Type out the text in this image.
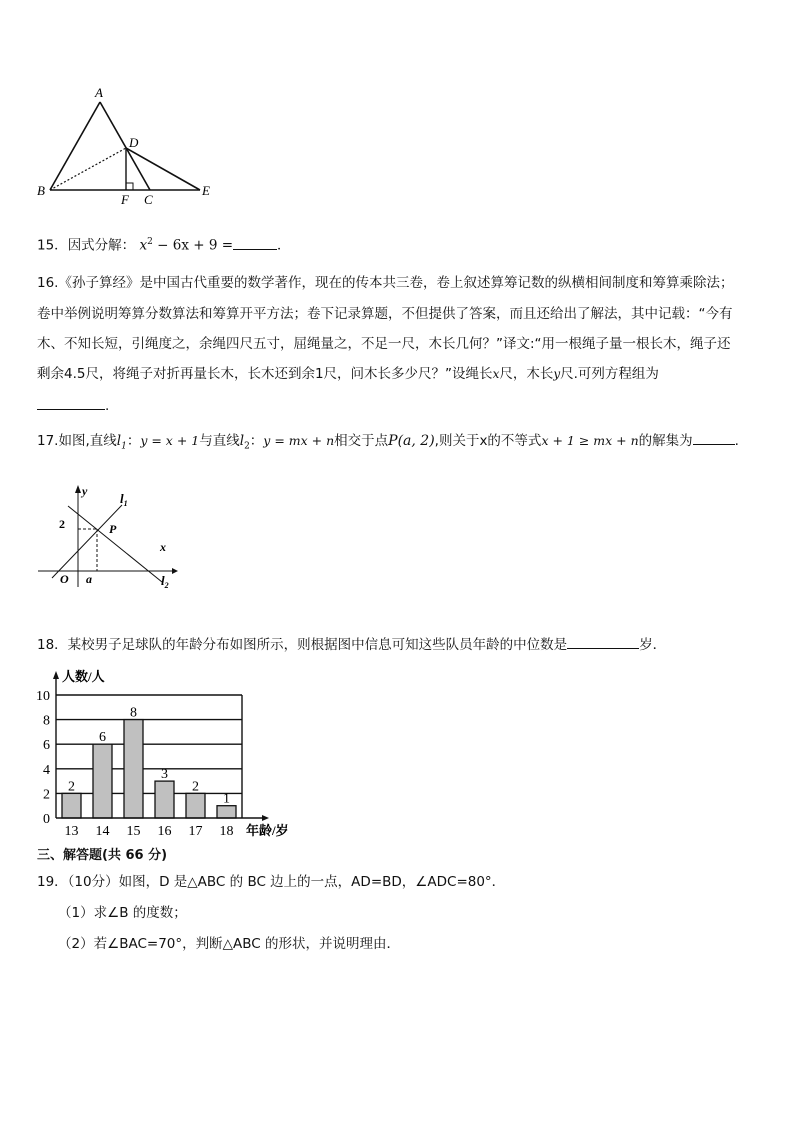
A
D
B
F C
E
15．因式分解： $x^2 - 6x + 9$ =	．
16.《孙子算经》是中国古代重要的数学著作，现在的传本共三卷，卷上叙述算筹记数的纵横相间制度和筹算乘除法；
卷中举例说明筹算分数算法和筹算开平方法；卷下记录算题，不但提供了答案，而且还给出了解法，其中记载：“今有
木、不知长短，引绳度之，余绳四尺五寸，屈绳量之，不足一尺，木长几何？”译文:“用一根绳子量一根长木，绳子还
剩余4.5尺，将绳子对折再量长木，长木还到余1尺，问木长多少尺？”设绳长x尺，木长y尺.可列方程组为
.
17.如图,直线$l_1$：y = x + 1与直线$l_2$：y = mx + n相交于点P(a, 2),则关于x的不等式x + 1 ≥ mx + n的解集为	.
y
x
O a
2	P
$l_1$
$l_2$
18．某校男子足球队的年龄分布如图所示，则根据图中信息可知这些队员年龄的中位数是	岁．
0
2
4
6
8
10
2
13
6
14
8
15
3
16
2
17
1
18
人数/人
年龄/岁
三、解答题(共 66 分)
19．（10分）如图，D 是△ABC 的 BC 边上的一点，AD=BD，∠ADC=80°．
（1）求∠B 的度数；
（2）若∠BAC=70°，判断△ABC 的形状，并说明理由．
